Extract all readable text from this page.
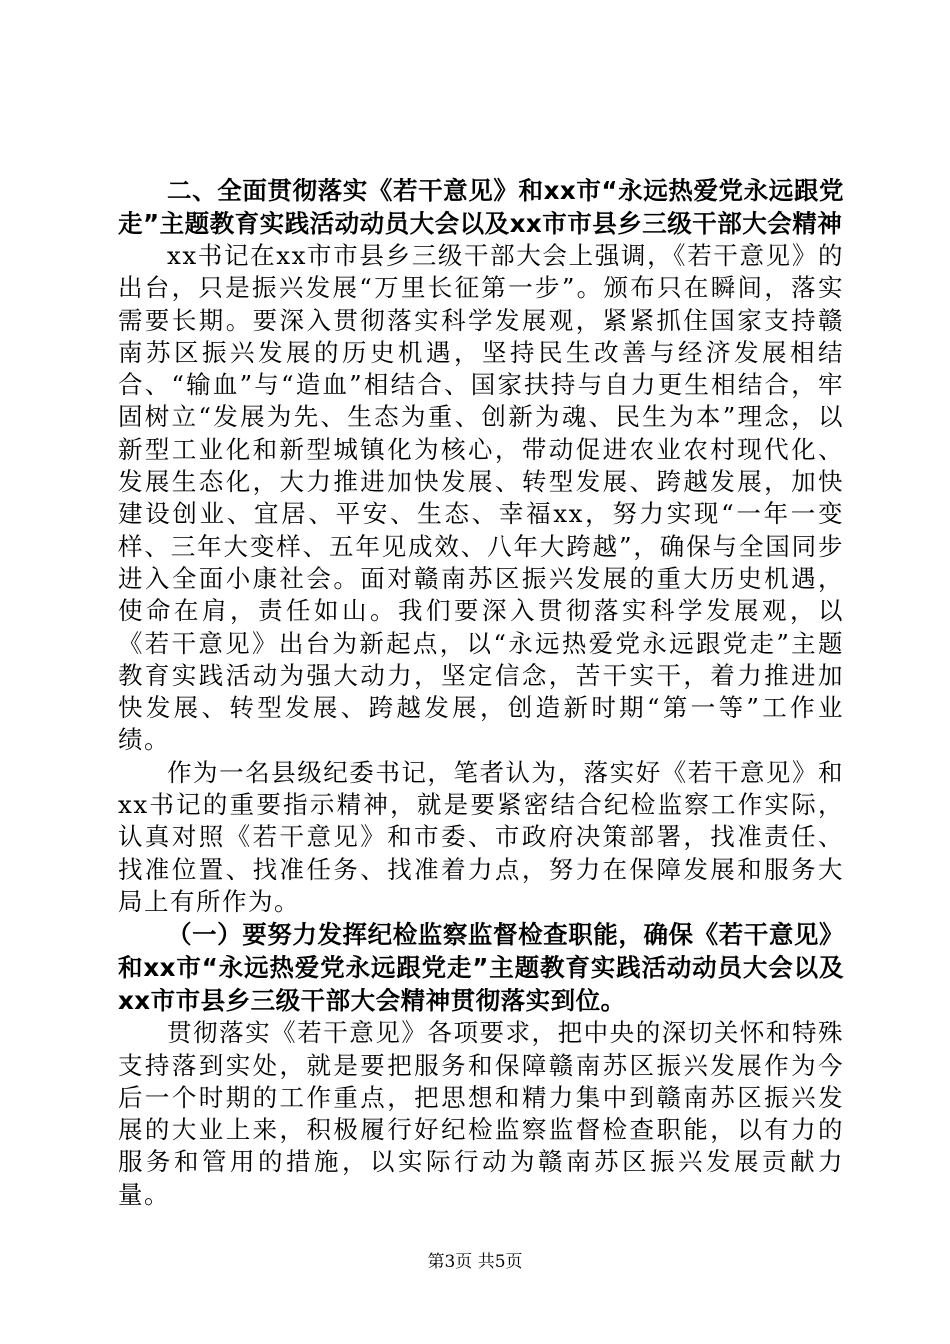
二、全面贯彻落实《若干意见》和xx市“永远热爱党永远跟党走”主题教育实践活动动员大会以及xx市市县乡三级干部大会精神

xx书记在xx市市县乡三级干部大会上强调，《若干意见》的出台，只是振兴发展“万里长征第一步”。颁布只在瞬间，落实需要长期。要深入贯彻落实科学发展观，紧紧抓住国家支持赣南苏区振兴发展的历史机遇，坚持民生改善与经济发展相结合、“输血”与“造血”相结合、国家扶持与自力更生相结合，牢固树立“发展为先、生态为重、创新为魂、民生为本”理念，以新型工业化和新型城镇化为核心，带动促进农业农村现代化、发展生态化，大力推进加快发展、转型发展、跨越发展，加快建设创业、宜居、平安、生态、幸福xx，努力实现“一年一变样、三年大变样、五年见成效、八年大跨越”，确保与全国同步进入全面小康社会。面对赣南苏区振兴发展的重大历史机遇，使命在肩，责任如山。我们要深入贯彻落实科学发展观，以《若干意见》出台为新起点，以“永远热爱党永远跟党走”主题教育实践活动为强大动力，坚定信念，苦干实干，着力推进加快发展、转型发展、跨越发展，创造新时期“第一等”工作业绩。

作为一名县级纪委书记，笔者认为，落实好《若干意见》和xx书记的重要指示精神，就是要紧密结合纪检监察工作实际，认真对照《若干意见》和市委、市政府决策部署，找准责任、找准位置、找准任务、找准着力点，努力在保障发展和服务大局上有所作为。

（一）要努力发挥纪检监察监督检查职能，确保《若干意见》和xx市“永远热爱党永远跟党走”主题教育实践活动动员大会以及xx市市县乡三级干部大会精神贯彻落实到位。

贯彻落实《若干意见》各项要求，把中央的深切关怀和特殊支持落到实处，就是要把服务和保障赣南苏区振兴发展作为今后一个时期的工作重点，把思想和精力集中到赣南苏区振兴发展的大业上来，积极履行好纪检监察监督检查职能，以有力的服务和管用的措施，以实际行动为赣南苏区振兴发展贡献力量。

第3页 共5页
